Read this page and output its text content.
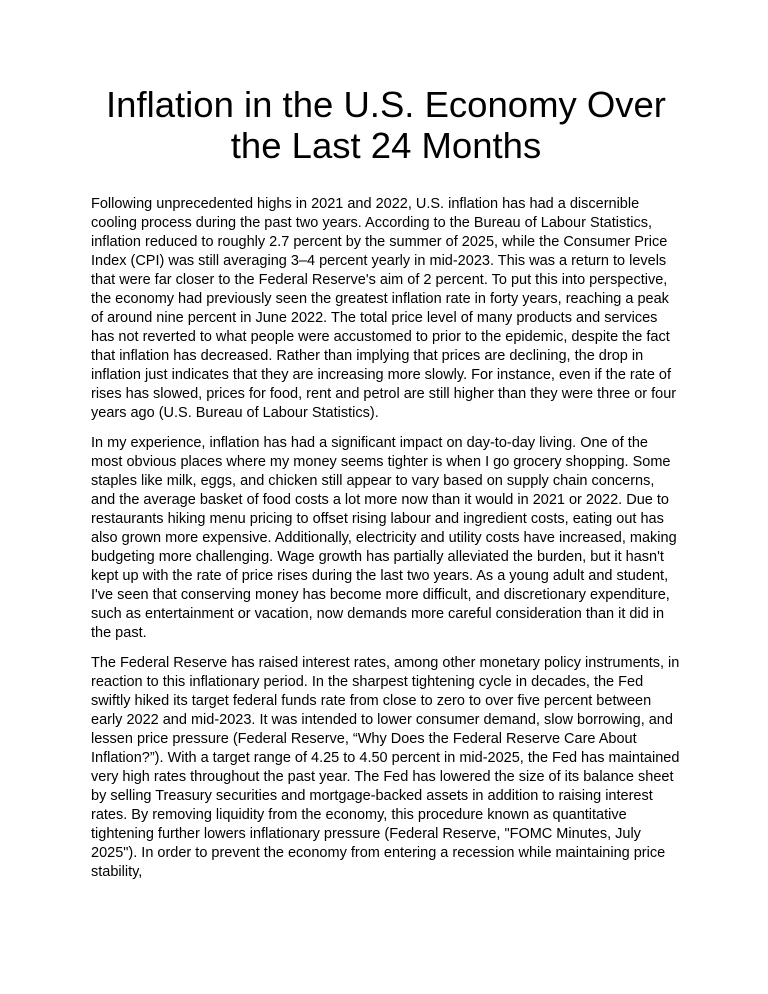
Inflation in the U.S. Economy Over the Last 24 Months

Following unprecedented highs in 2021 and 2022, U.S. inflation has had a discernible cooling process during the past two years. According to the Bureau of Labour Statistics, inflation reduced to roughly 2.7 percent by the summer of 2025, while the Consumer Price Index (CPI) was still averaging 3–4 percent yearly in mid-2023. This was a return to levels that were far closer to the Federal Reserve's aim of 2 percent. To put this into perspective, the economy had previously seen the greatest inflation rate in forty years, reaching a peak of around nine percent in June 2022. The total price level of many products and services has not reverted to what people were accustomed to prior to the epidemic, despite the fact that inflation has decreased. Rather than implying that prices are declining, the drop in inflation just indicates that they are increasing more slowly. For instance, even if the rate of rises has slowed, prices for food, rent and petrol are still higher than they were three or four years ago (U.S. Bureau of Labour Statistics).

In my experience, inflation has had a significant impact on day-to-day living. One of the most obvious places where my money seems tighter is when I go grocery shopping. Some staples like milk, eggs, and chicken still appear to vary based on supply chain concerns, and the average basket of food costs a lot more now than it would in 2021 or 2022. Due to restaurants hiking menu pricing to offset rising labour and ingredient costs, eating out has also grown more expensive. Additionally, electricity and utility costs have increased, making budgeting more challenging. Wage growth has partially alleviated the burden, but it hasn't kept up with the rate of price rises during the last two years. As a young adult and student, I've seen that conserving money has become more difficult, and discretionary expenditure, such as entertainment or vacation, now demands more careful consideration than it did in the past.

The Federal Reserve has raised interest rates, among other monetary policy instruments, in reaction to this inflationary period. In the sharpest tightening cycle in decades, the Fed swiftly hiked its target federal funds rate from close to zero to over five percent between early 2022 and mid-2023. It was intended to lower consumer demand, slow borrowing, and lessen price pressure (Federal Reserve, “Why Does the Federal Reserve Care About Inflation?”). With a target range of 4.25 to 4.50 percent in mid-2025, the Fed has maintained very high rates throughout the past year. The Fed has lowered the size of its balance sheet by selling Treasury securities and mortgage-backed assets in addition to raising interest rates. By removing liquidity from the economy, this procedure known as quantitative tightening further lowers inflationary pressure (Federal Reserve, "FOMC Minutes, July 2025"). In order to prevent the economy from entering a recession while maintaining price stability,
